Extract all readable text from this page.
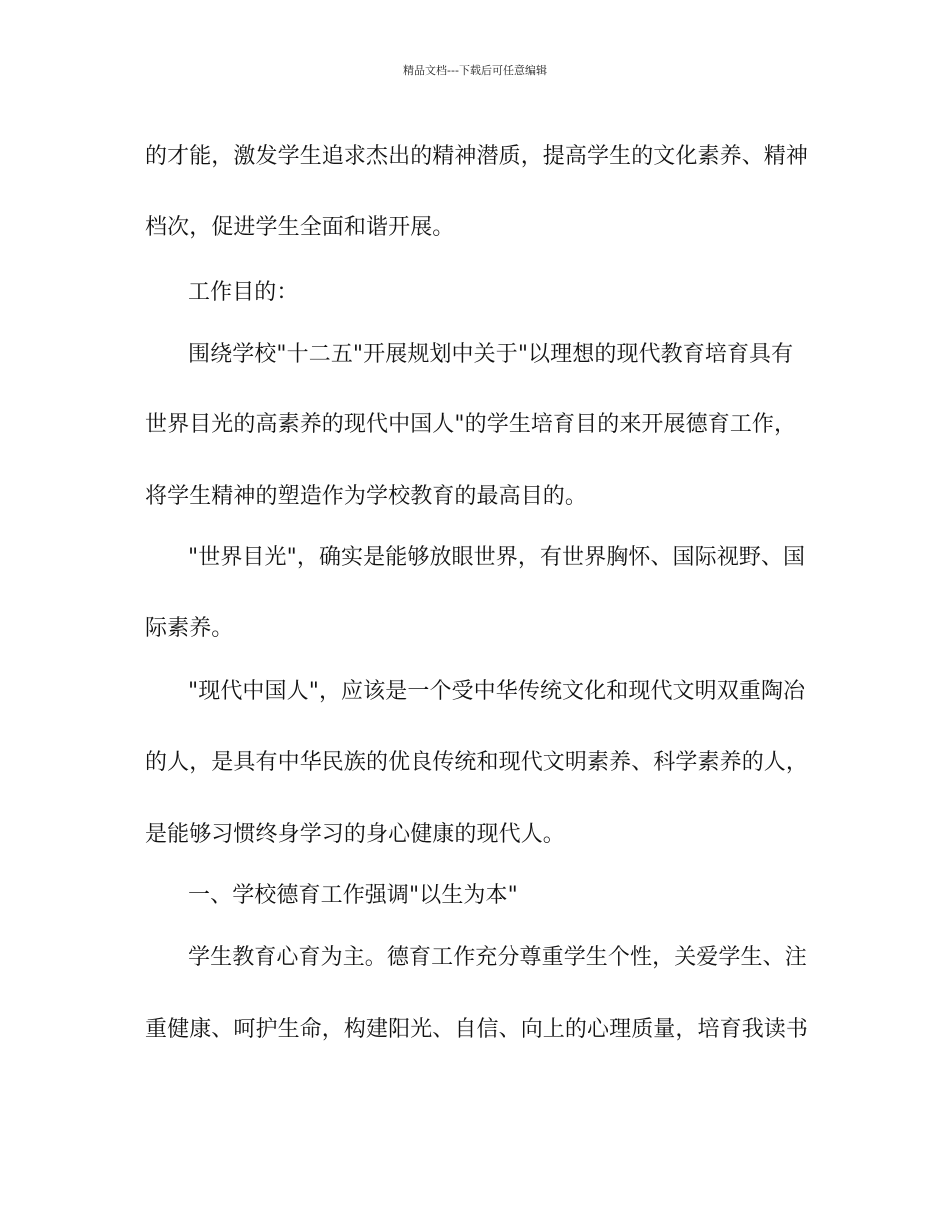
精品文档---下载后可任意编辑
的才能，激发学生追求杰出的精神潜质，提高学生的文化素养、精神
档次，促进学生全面和谐开展。
工作目的：
围绕学校"十二五"开展规划中关于"以理想的现代教育培育具有
世界目光的高素养的现代中国人"的学生培育目的来开展德育工作，
将学生精神的塑造作为学校教育的最高目的。
"世界目光"，确实是能够放眼世界，有世界胸怀、国际视野、国
际素养。
"现代中国人"，应该是一个受中华传统文化和现代文明双重陶冶
的人，是具有中华民族的优良传统和现代文明素养、科学素养的人，
是能够习惯终身学习的身心健康的现代人。
一、学校德育工作强调"以生为本"
学生教育心育为主。德育工作充分尊重学生个性，关爱学生、注
重健康、呵护生命，构建阳光、自信、向上的心理质量，培育我读书
